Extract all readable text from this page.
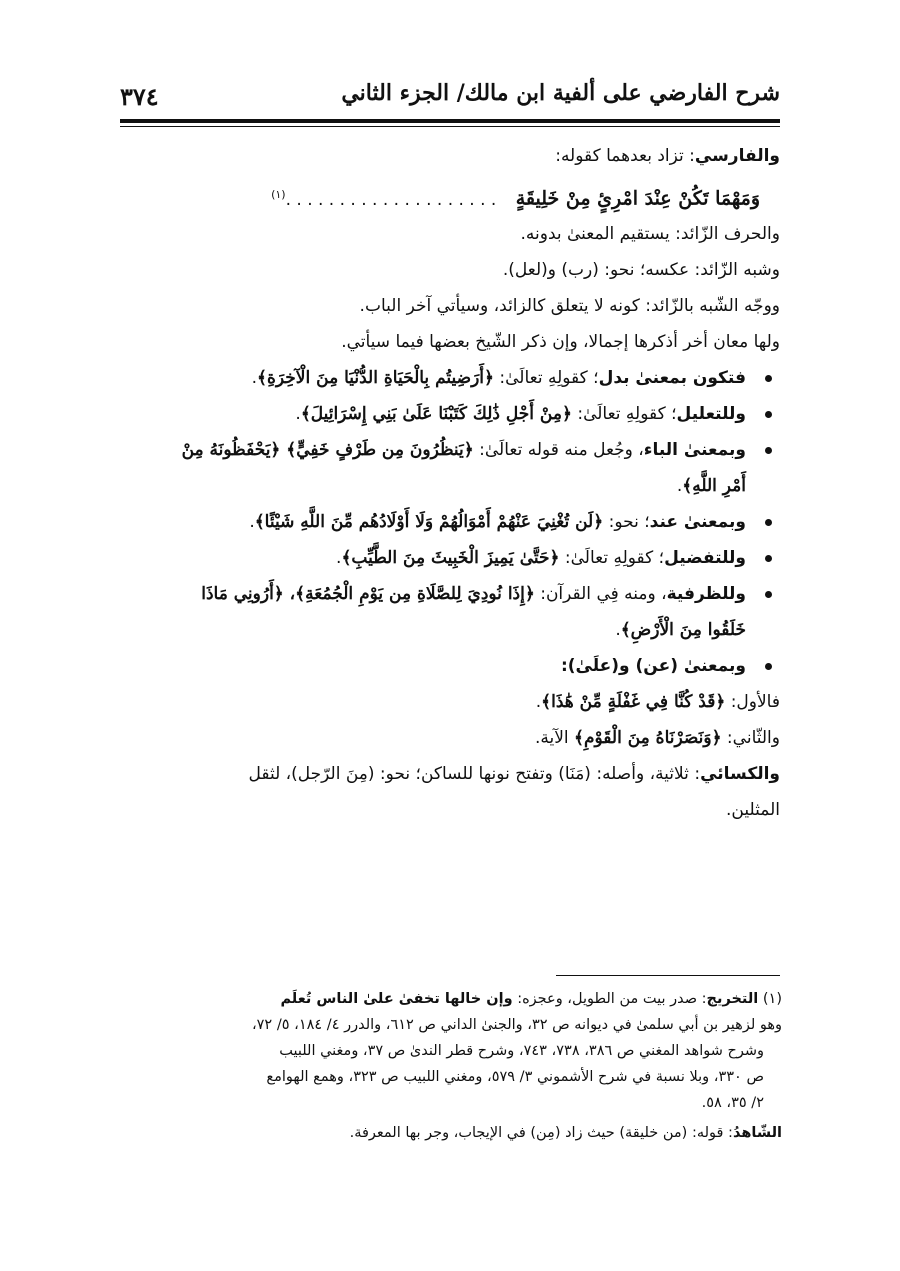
شرح الفارضي على ألفية ابن مالك/ الجزء الثاني
٣٧٤
والفارسي: تزاد بعدهما كقوله:
وَمَهْمَا تَكُنْ عِنْدَ امْرِئٍ مِنْ خَلِيقَةٍ . . . . . . . . . . . . . . . . . . . .$^{(١)}$
والحرف الزّائد: يستقيم المعنىٰ بدونه.
وشبه الزّائد: عكسه؛ نحو: (رب) و(لعل).
ووجّه الشّبه بالزّائد: كونه لا يتعلق كالزائد، وسيأتي آخر الباب.
ولها معان أخر أذكرها إجمالا، وإن ذكر الشّيخ بعضها فيما سيأتي.
فتكون بمعنىٰ بدل؛ كقولِهِ تعالَىٰ: ﴿أَرَضِيتُم بِالْحَيَاةِ الدُّنْيَا مِنَ الْآخِرَةِ﴾.
وللتعليل؛ كقولِهِ تعالَىٰ: ﴿مِنْ أَجْلِ ذَٰلِكَ كَتَبْنَا عَلَىٰ بَنِي إِسْرَائِيلَ﴾.
وبمعنىٰ الباء، وجُعل منه قوله تعالَىٰ: ﴿يَنظُرُونَ مِن طَرْفٍ خَفِيٍّ﴾ ﴿يَحْفَظُونَهُ مِنْ
أَمْرِ اللَّهِ﴾.
وبمعنىٰ عند؛ نحو: ﴿لَن تُغْنِيَ عَنْهُمْ أَمْوَالُهُمْ وَلَا أَوْلَادُهُم مِّنَ اللَّهِ شَيْئًا﴾.
وللتفضيل؛ كقولِهِ تعالَىٰ: ﴿حَتَّىٰ يَمِيزَ الْخَبِيثَ مِنَ الطَّيِّبِ﴾.
وللظرفية، ومنه فِي القرآن: ﴿إِذَا نُودِيَ لِلصَّلَاةِ مِن يَوْمِ الْجُمُعَةِ﴾، ﴿أَرُونِي مَاذَا
خَلَقُوا مِنَ الْأَرْضِ﴾.
وبمعنىٰ (عن) و(علَىٰ):
فالأول: ﴿قَدْ كُنَّا فِي غَفْلَةٍ مِّنْ هَٰذَا﴾.
والثّاني: ﴿وَنَصَرْنَاهُ مِنَ الْقَوْمِ﴾ الآية.
والكسائي: ثلاثية، وأصله: (مَنَا) وتفتح نونها للساكن؛ نحو: (مِنَ الرّجل)، لثقل
المثلين.
(١) التخريج: صدر بيت من الطويل، وعجزه: وإن خالها تخفىٰ علىٰ الناس تُعلَم
وهو لزهير بن أبي سلمىٰ في ديوانه ص ٣٢، والجنىٰ الداني ص ٦١٢، والدرر ٤/ ١٨٤، ٥/ ٧٢،
وشرح شواهد المغني ص ٣٨٦، ٧٣٨، ٧٤٣، وشرح قطر الندىٰ ص ٣٧، ومغني اللبيب
ص ٣٣٠، وبلا نسبة في شرح الأشموني ٣/ ٥٧٩، ومغني اللبيب ص ٣٢٣، وهمع الهوامع
٢/ ٣٥، ٥٨.
الشّاهدُ: قوله: (من خليقة) حيث زاد (مِن) في الإيجاب، وجر بها المعرفة.
